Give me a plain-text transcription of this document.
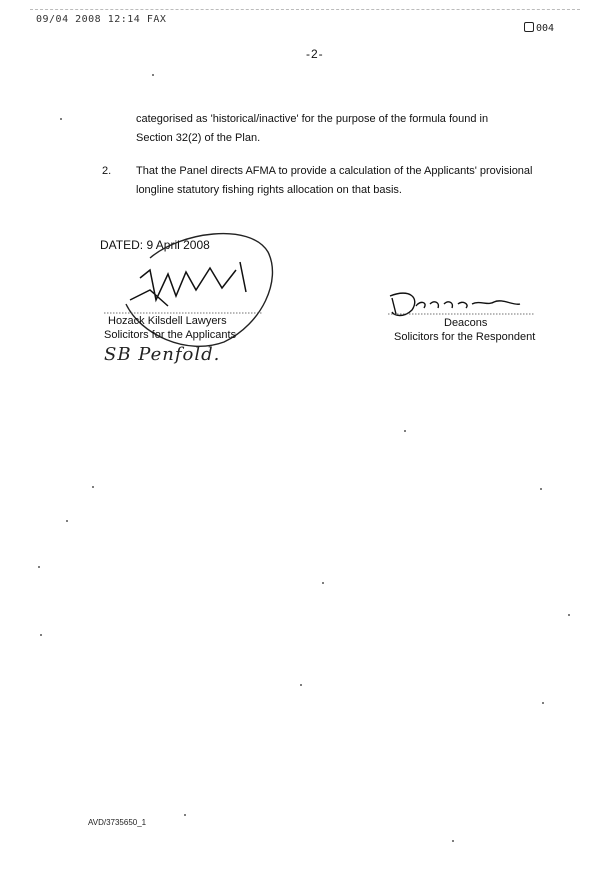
09/04 2008 12:14 FAX
004
-2-
categorised as 'historical/inactive' for the purpose of the formula found in Section 32(2) of the Plan.
2. That the Panel directs AFMA to provide a calculation of the Applicants' provisional longline statutory fishing rights allocation on that basis.
DATED: 9 April 2008
Hozack Kilsdell Lawyers
Solicitors for the Applicants
SB Penfold.
Deacons
Solicitors for the Respondent
AVD/3735650_1
